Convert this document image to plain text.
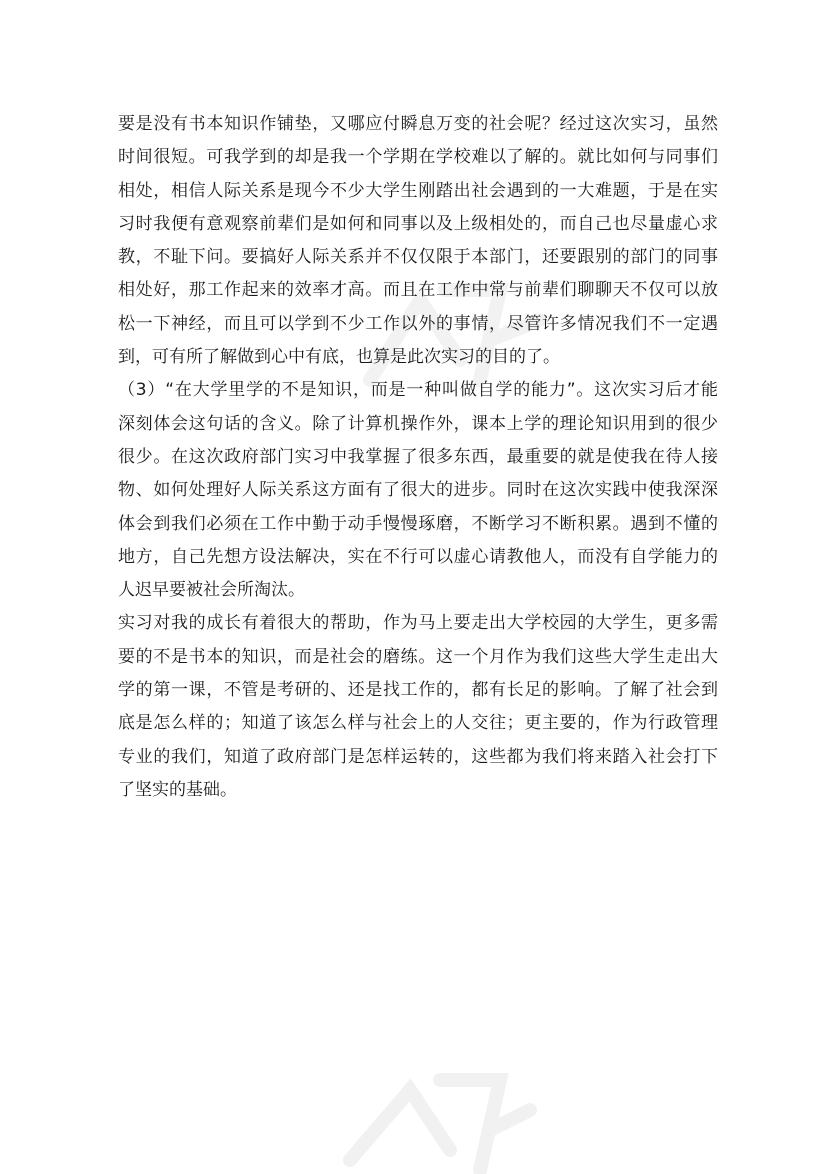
要是没有书本知识作铺垫，又哪应付瞬息万变的社会呢？经过这次实习，虽然
时间很短。可我学到的却是我一个学期在学校难以了解的。就比如何与同事们
相处，相信人际关系是现今不少大学生刚踏出社会遇到的一大难题，于是在实
习时我便有意观察前辈们是如何和同事以及上级相处的，而自己也尽量虚心求
教，不耻下问。要搞好人际关系并不仅仅限于本部门，还要跟别的部门的同事
相处好，那工作起来的效率才高。而且在工作中常与前辈们聊聊天不仅可以放
松一下神经，而且可以学到不少工作以外的事情，尽管许多情况我们不一定遇
到，可有所了解做到心中有底，也算是此次实习的目的了。
（3）“在大学里学的不是知识，而是一种叫做自学的能力”。这次实习后才能
深刻体会这句话的含义。除了计算机操作外，课本上学的理论知识用到的很少
很少。在这次政府部门实习中我掌握了很多东西，最重要的就是使我在待人接
物、如何处理好人际关系这方面有了很大的进步。同时在这次实践中使我深深
体会到我们必须在工作中勤于动手慢慢琢磨，不断学习不断积累。遇到不懂的
地方，自己先想方设法解决，实在不行可以虚心请教他人，而没有自学能力的
人迟早要被社会所淘汰。
实习对我的成长有着很大的帮助，作为马上要走出大学校园的大学生，更多需
要的不是书本的知识，而是社会的磨练。这一个月作为我们这些大学生走出大
学的第一课，不管是考研的、还是找工作的，都有长足的影响。了解了社会到
底是怎么样的；知道了该怎么样与社会上的人交往；更主要的，作为行政管理
专业的我们，知道了政府部门是怎样运转的，这些都为我们将来踏入社会打下
了坚实的基础。
